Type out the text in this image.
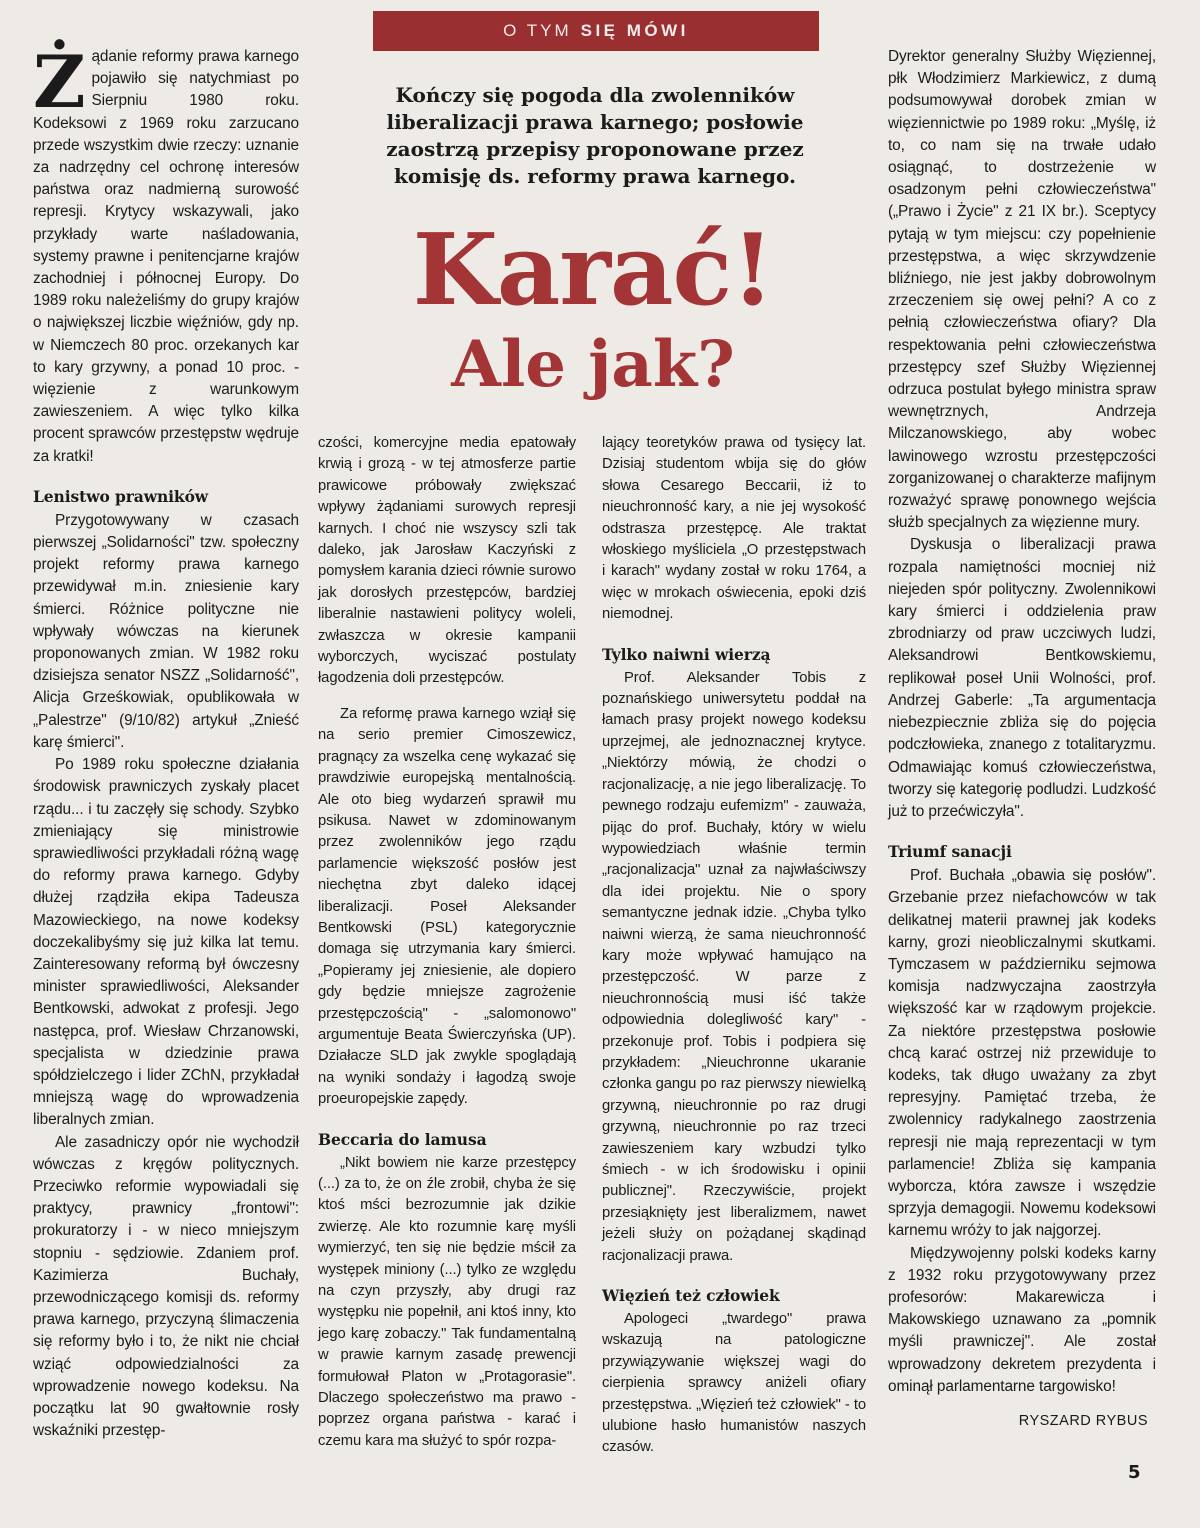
O TYM SIĘ MÓWI
Kończy się pogoda dla zwolenników liberalizacji prawa karnego; posłowie zaostrzą przepisy proponowane przez komisję ds. reformy prawa karnego.
Karać!
Ale jak?

Żądanie reformy prawa karnego pojawiło się natychmiast po Sierpniu 1980 roku. Kodeksowi z 1969 roku zarzucano przede wszystkim dwie rzeczy: uznanie za nadrzędny cel ochronę interesów państwa oraz nadmierną surowość represji. Krytycy wskazywali, jako przykłady warte naśladowania, systemy prawne i penitencjarne krajów zachodniej i północnej Europy. Do 1989 roku należeliśmy do grupy krajów o największej liczbie więźniów, gdy np. w Niemczech 80 proc. orzekanych kar to kary grzywny, a ponad 10 proc. - więzienie z warunkowym zawieszeniem. A więc tylko kilka procent sprawców przestępstw wędruje za kratki!

Lenistwo prawników

Przygotowywany w czasach pierwszej „Solidarności" tzw. społeczny projekt reformy prawa karnego przewidywał m.in. zniesienie kary śmierci. Różnice polityczne nie wpływały wówczas na kierunek proponowanych zmian. W 1982 roku dzisiejsza senator NSZZ „Solidarność", Alicja Grześkowiak, opublikowała w „Palestrze" (9/10/82) artykuł „Znieść karę śmierci".

Po 1989 roku społeczne działania środowisk prawniczych zyskały placet rządu... i tu zaczęły się schody. Szybko zmieniający się ministrowie sprawiedliwości przykładali różną wagę do reformy prawa karnego. Gdyby dłużej rządziła ekipa Tadeusza Mazowieckiego, na nowe kodeksy doczekalibyśmy się już kilka lat temu. Zainteresowany reformą był ówczesny minister sprawiedliwości, Aleksander Bentkowski, adwokat z profesji. Jego następca, prof. Wiesław Chrzanowski, specjalista w dziedzinie prawa spółdzielczego i lider ZChN, przykładał mniejszą wagę do wprowadzenia liberalnych zmian.

Ale zasadniczy opór nie wychodził wówczas z kręgów politycznych. Przeciwko reformie wypowiadali się praktycy, prawnicy „frontowi": prokuratorzy i - w nieco mniejszym stopniu - sędziowie. Zdaniem prof. Kazimierza Buchały, przewodniczącego komisji ds. reformy prawa karnego, przyczyną ślimaczenia się reformy było i to, że nikt nie chciał wziąć odpowiedzialności za wprowadzenie nowego kodeksu. Na początku lat 90 gwałtownie rosły wskaźniki przestęp-

czości, komercyjne media epatowały krwią i grozą - w tej atmosferze partie prawicowe próbowały zwiększać wpływy żądaniami surowych represji karnych. I choć nie wszyscy szli tak daleko, jak Jarosław Kaczyński z pomysłem karania dzieci równie surowo jak dorosłych przestępców, bardziej liberalnie nastawieni politycy woleli, zwłaszcza w okresie kampanii wyborczych, wyciszać postulaty łagodzenia doli przestępców.

Za reformę prawa karnego wziął się na serio premier Cimoszewicz, pragnący za wszelka cenę wykazać się prawdziwie europejską mentalnością. Ale oto bieg wydarzeń sprawił mu psikusa. Nawet w zdominowanym przez zwolenników jego rządu parlamencie większość posłów jest niechętna zbyt daleko idącej liberalizacji. Poseł Aleksander Bentkowski (PSL) kategorycznie domaga się utrzymania kary śmierci. „Popieramy jej zniesienie, ale dopiero gdy będzie mniejsze zagrożenie przestępczością" - „salomonowo" argumentuje Beata Świerczyńska (UP). Działacze SLD jak zwykle spoglądają na wyniki sondaży i łagodzą swoje proeuropejskie zapędy.

Beccaria do lamusa

„Nikt bowiem nie karze przestępcy (...) za to, że on źle zrobił, chyba że się ktoś mści bezrozumnie jak dzikie zwierzę. Ale kto rozumnie karę myśli wymierzyć, ten się nie będzie mścił za występek miniony (...) tylko ze względu na czyn przyszły, aby drugi raz występku nie popełnił, ani ktoś inny, kto jego karę zobaczy." Tak fundamentalną w prawie karnym zasadę prewencji formułował Platon w „Protagorasie". Dlaczego społeczeństwo ma prawo - poprzez organa państwa - karać i czemu kara ma służyć to spór rozpa-

lający teoretyków prawa od tysięcy lat. Dzisiaj studentom wbija się do głów słowa Cesarego Beccarii, iż to nieuchronność kary, a nie jej wysokość odstrasza przestępcę. Ale traktat włoskiego myśliciela „O przestępstwach i karach" wydany został w roku 1764, a więc w mrokach oświecenia, epoki dziś niemodnej.

Tylko naiwni wierzą

Prof. Aleksander Tobis z poznańskiego uniwersytetu poddał na łamach prasy projekt nowego kodeksu uprzejmej, ale jednoznacznej krytyce. „Niektórzy mówią, że chodzi o racjonalizację, a nie jego liberalizację. To pewnego rodzaju eufemizm" - zauważa, pijąc do prof. Buchały, który w wielu wypowiedziach właśnie termin „racjonalizacja" uznał za najwłaściwszy dla idei projektu. Nie o spory semantyczne jednak idzie. „Chyba tylko naiwni wierzą, że sama nieuchronność kary może wpływać hamująco na przestępczość. W parze z nieuchronnością musi iść także odpowiednia dolegliwość kary" - przekonuje prof. Tobis i podpiera się przykładem: „Nieuchronne ukaranie członka gangu po raz pierwszy niewielką grzywną, nieuchronnie po raz drugi grzywną, nieuchronnie po raz trzeci zawieszeniem kary wzbudzi tylko śmiech - w ich środowisku i opinii publicznej". Rzeczywiście, projekt przesiąknięty jest liberalizmem, nawet jeżeli służy on pożądanej skądinąd racjonalizacji prawa.

Więzień też człowiek

Apologeci „twardego" prawa wskazują na patologiczne przywiązywanie większej wagi do cierpienia sprawcy aniżeli ofiary przestępstwa. „Więzień też człowiek" - to ulubione hasło humanistów naszych czasów.

Dyrektor generalny Służby Więziennej, płk Włodzimierz Markiewicz, z dumą podsumowywał dorobek zmian w więziennictwie po 1989 roku: „Myślę, iż to, co nam się na trwałe udało osiągnąć, to dostrzeżenie w osadzonym pełni człowieczeństwa" („Prawo i Życie" z 21 IX br.). Sceptycy pytają w tym miejscu: czy popełnienie przestępstwa, a więc skrzywdzenie bliźniego, nie jest jakby dobrowolnym zrzeczeniem się owej pełni? A co z pełnią człowieczeństwa ofiary? Dla respektowania pełni człowieczeństwa przestępcy szef Służby Więziennej odrzuca postulat byłego ministra spraw wewnętrznych, Andrzeja Milczanowskiego, aby wobec lawinowego wzrostu przestępczości zorganizowanej o charakterze mafijnym rozważyć sprawę ponownego wejścia służb specjalnych za więzienne mury.

Dyskusja o liberalizacji prawa rozpala namiętności mocniej niż niejeden spór polityczny. Zwolennikowi kary śmierci i oddzielenia praw zbrodniarzy od praw uczciwych ludzi, Aleksandrowi Bentkowskiemu, replikował poseł Unii Wolności, prof. Andrzej Gaberle: „Ta argumentacja niebezpiecznie zbliża się do pojęcia podczłowieka, znanego z totalitaryzmu. Odmawiając komuś człowieczeństwa, tworzy się kategorię podludzi. Ludzkość już to przećwiczyła".

Triumf sanacji

Prof. Buchała „obawia się posłów". Grzebanie przez niefachowców w tak delikatnej materii prawnej jak kodeks karny, grozi nieobliczalnymi skutkami. Tymczasem w październiku sejmowa komisja nadzwyczajna zaostrzyła większość kar w rządowym projekcie. Za niektóre przestępstwa posłowie chcą karać ostrzej niż przewiduje to kodeks, tak długo uważany za zbyt represyjny. Pamiętać trzeba, że zwolennicy radykalnego zaostrzenia represji nie mają reprezentacji w tym parlamencie! Zbliża się kampania wyborcza, która zawsze i wszędzie sprzyja demagogii. Nowemu kodeksowi karnemu wróży to jak najgorzej.

Międzywojenny polski kodeks karny z 1932 roku przygotowywany przez profesorów: Makarewicza i Makowskiego uznawano za „pomnik myśli prawniczej". Ale został wprowadzony dekretem prezydenta i ominął parlamentarne targowisko!

RYSZARD RYBUS
5
